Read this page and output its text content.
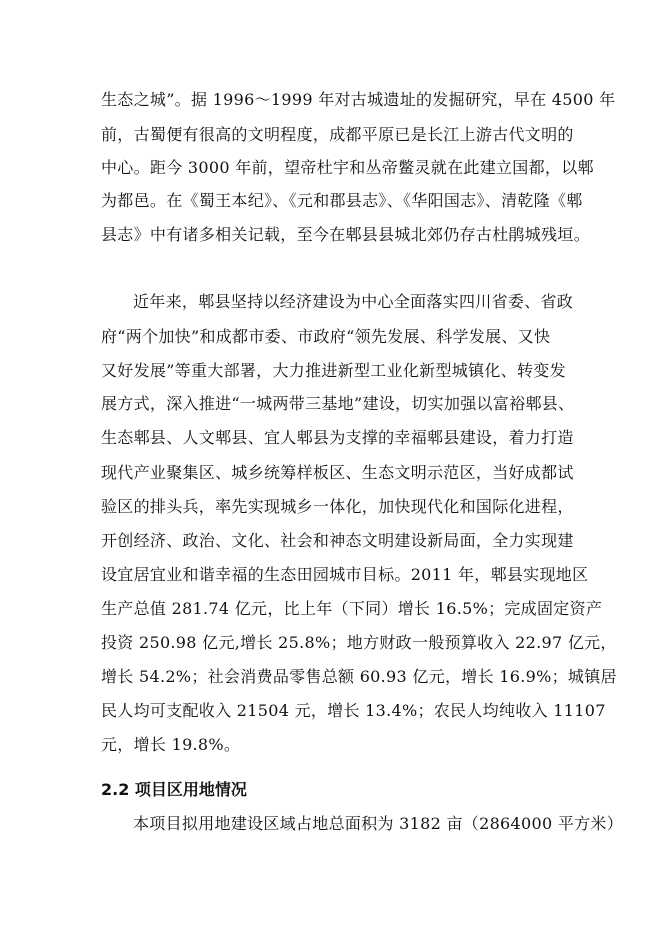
生态之城”。据 1996～1999 年对古城遗址的发掘研究，早在 4500 年
前，古蜀便有很高的文明程度，成都平原已是长江上游古代文明的
中心。距今 3000 年前，望帝杜宇和丛帝鳖灵就在此建立国都，以郫
为都邑。在《蜀王本纪》、《元和郡县志》、《华阳国志》、清乾隆《郫
县志》中有诸多相关记载，至今在郫县县城北郊仍存古杜鹃城残垣。
近年来，郫县坚持以经济建设为中心全面落实四川省委、省政
府“两个加快”和成都市委、市政府“领先发展、科学发展、又快
又好发展”等重大部署，大力推进新型工业化新型城镇化、转变发
展方式，深入推进“一城两带三基地”建设，切实加强以富裕郫县、
生态郫县、人文郫县、宜人郫县为支撑的幸福郫县建设，着力打造
现代产业聚集区、城乡统筹样板区、生态文明示范区，当好成都试
验区的排头兵，率先实现城乡一体化，加快现代化和国际化进程，
开创经济、政治、文化、社会和神态文明建设新局面，全力实现建
设宜居宜业和谐幸福的生态田园城市目标。2011 年，郫县实现地区
生产总值 281.74 亿元，比上年（下同）增长 16.5%；完成固定资产
投资 250.98 亿元,增长 25.8%；地方财政一般预算收入 22.97 亿元，
增长 54.2%；社会消费品零售总额 60.93 亿元，增长 16.9%；城镇居
民人均可支配收入 21504 元，增长 13.4%；农民人均纯收入 11107
元，增长 19.8%。
2.2 项目区用地情况
本项目拟用地建设区域占地总面积为 3182 亩（2864000 平方米）
